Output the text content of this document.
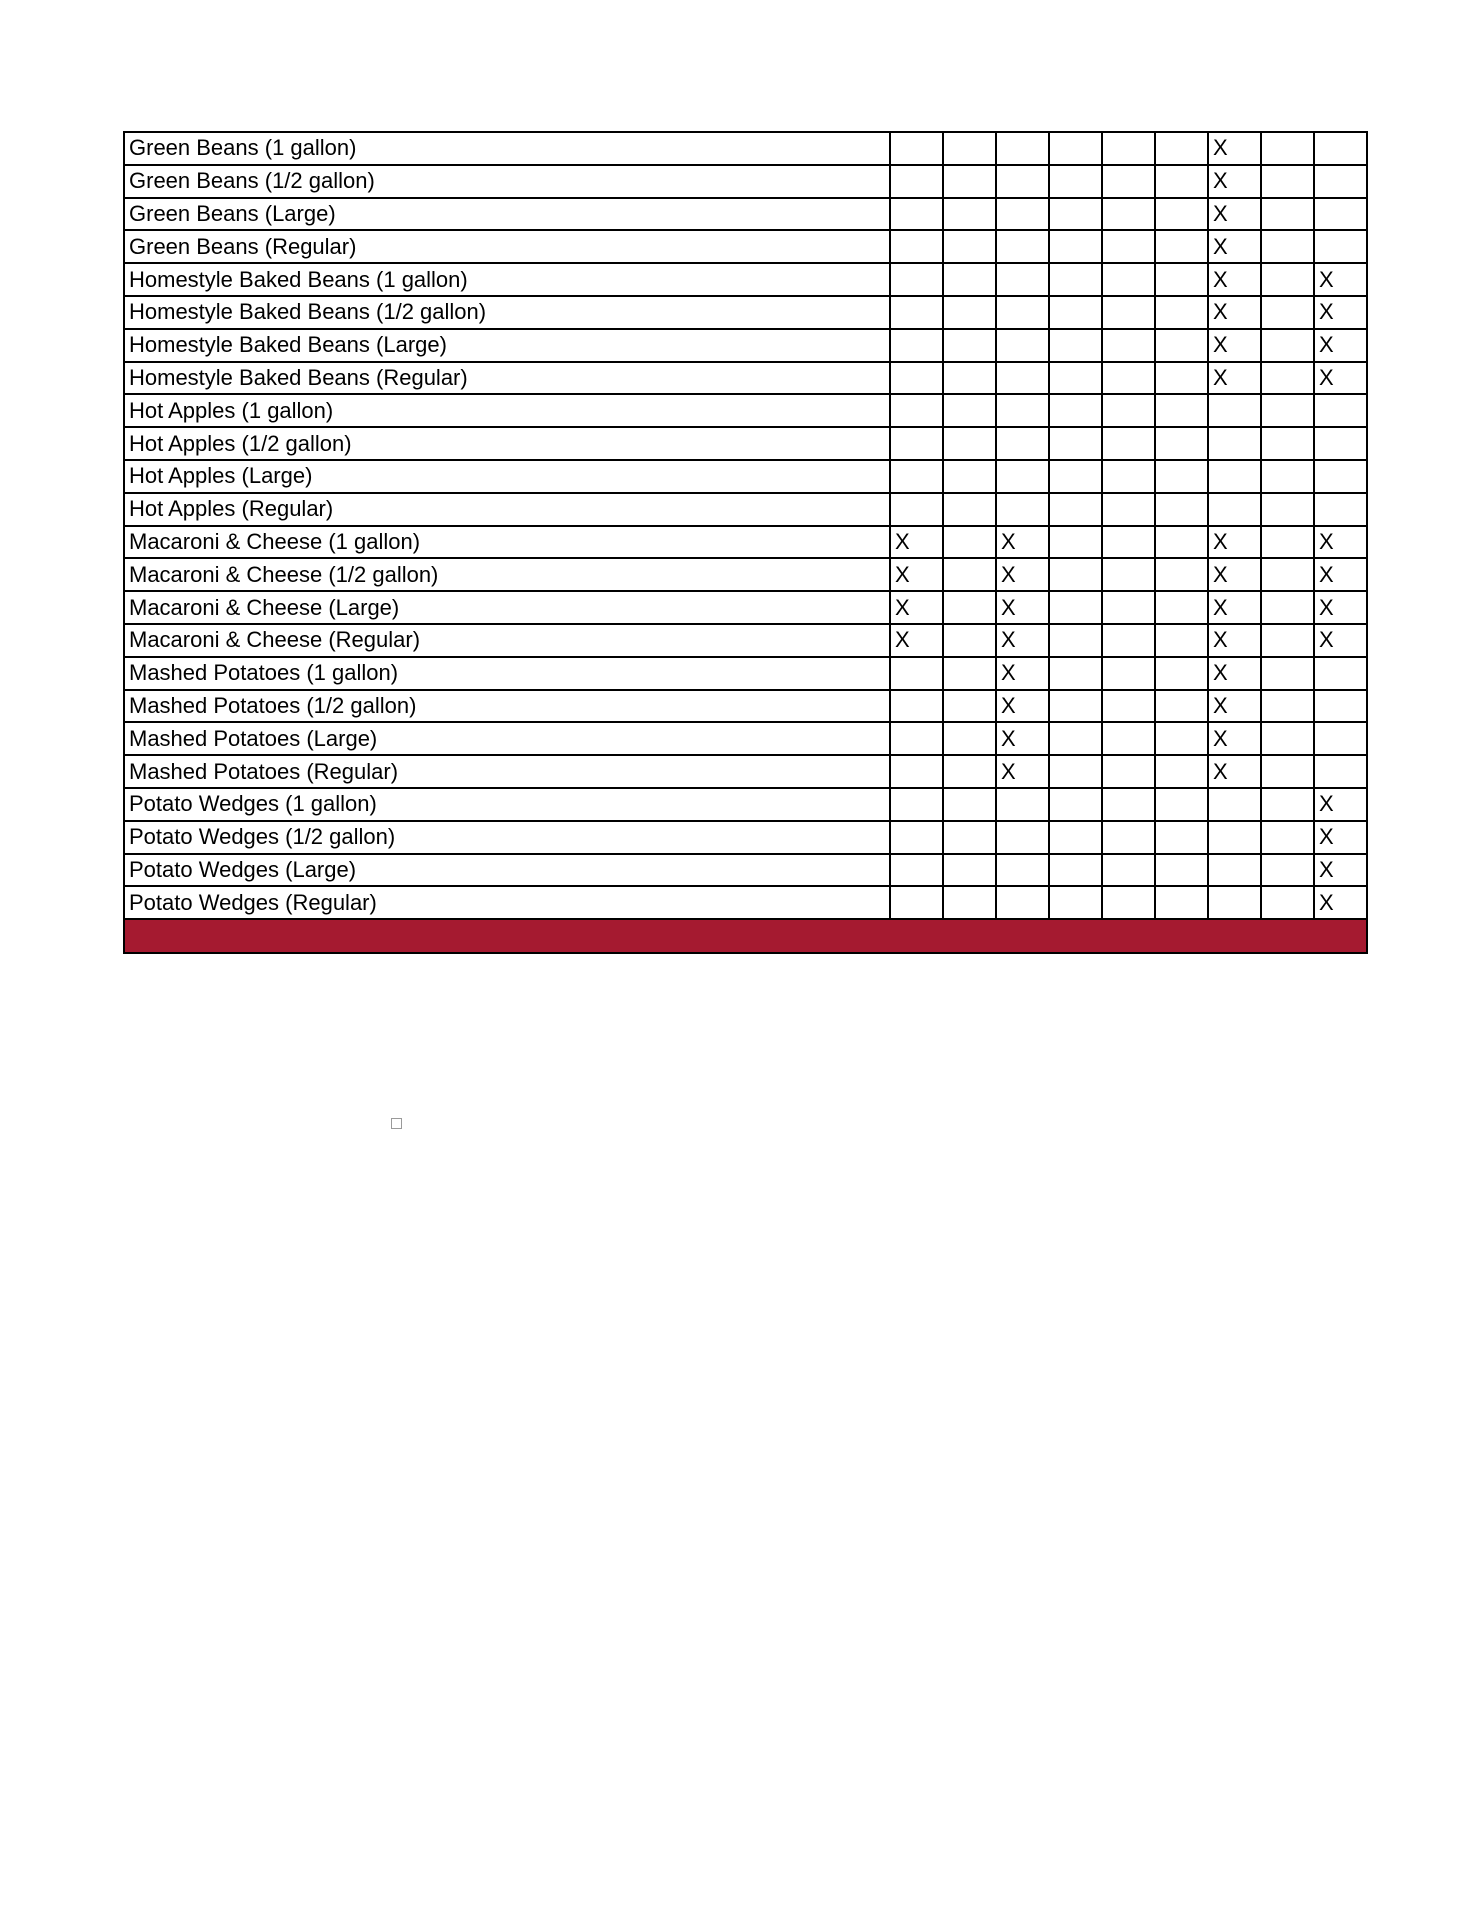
Green Beans (1 gallon)							X		
Green Beans (1/2 gallon)							X		
Green Beans (Large)							X		
Green Beans (Regular)							X		
Homestyle Baked Beans (1 gallon)							X		X
Homestyle Baked Beans (1/2 gallon)							X		X
Homestyle Baked Beans (Large)							X		X
Homestyle Baked Beans (Regular)							X		X
Hot Apples (1 gallon)									
Hot Apples (1/2 gallon)									
Hot Apples (Large)									
Hot Apples (Regular)									
Macaroni & Cheese (1 gallon)	X		X				X		X
Macaroni & Cheese (1/2 gallon)	X		X				X		X
Macaroni & Cheese (Large)	X		X				X		X
Macaroni & Cheese (Regular)	X		X				X		X
Mashed Potatoes (1 gallon)			X				X		
Mashed Potatoes (1/2 gallon)			X				X		
Mashed Potatoes (Large)			X				X		
Mashed Potatoes (Regular)			X				X		
Potato Wedges (1 gallon)									X
Potato Wedges (1/2 gallon)									X
Potato Wedges (Large)									X
Potato Wedges (Regular)									X
